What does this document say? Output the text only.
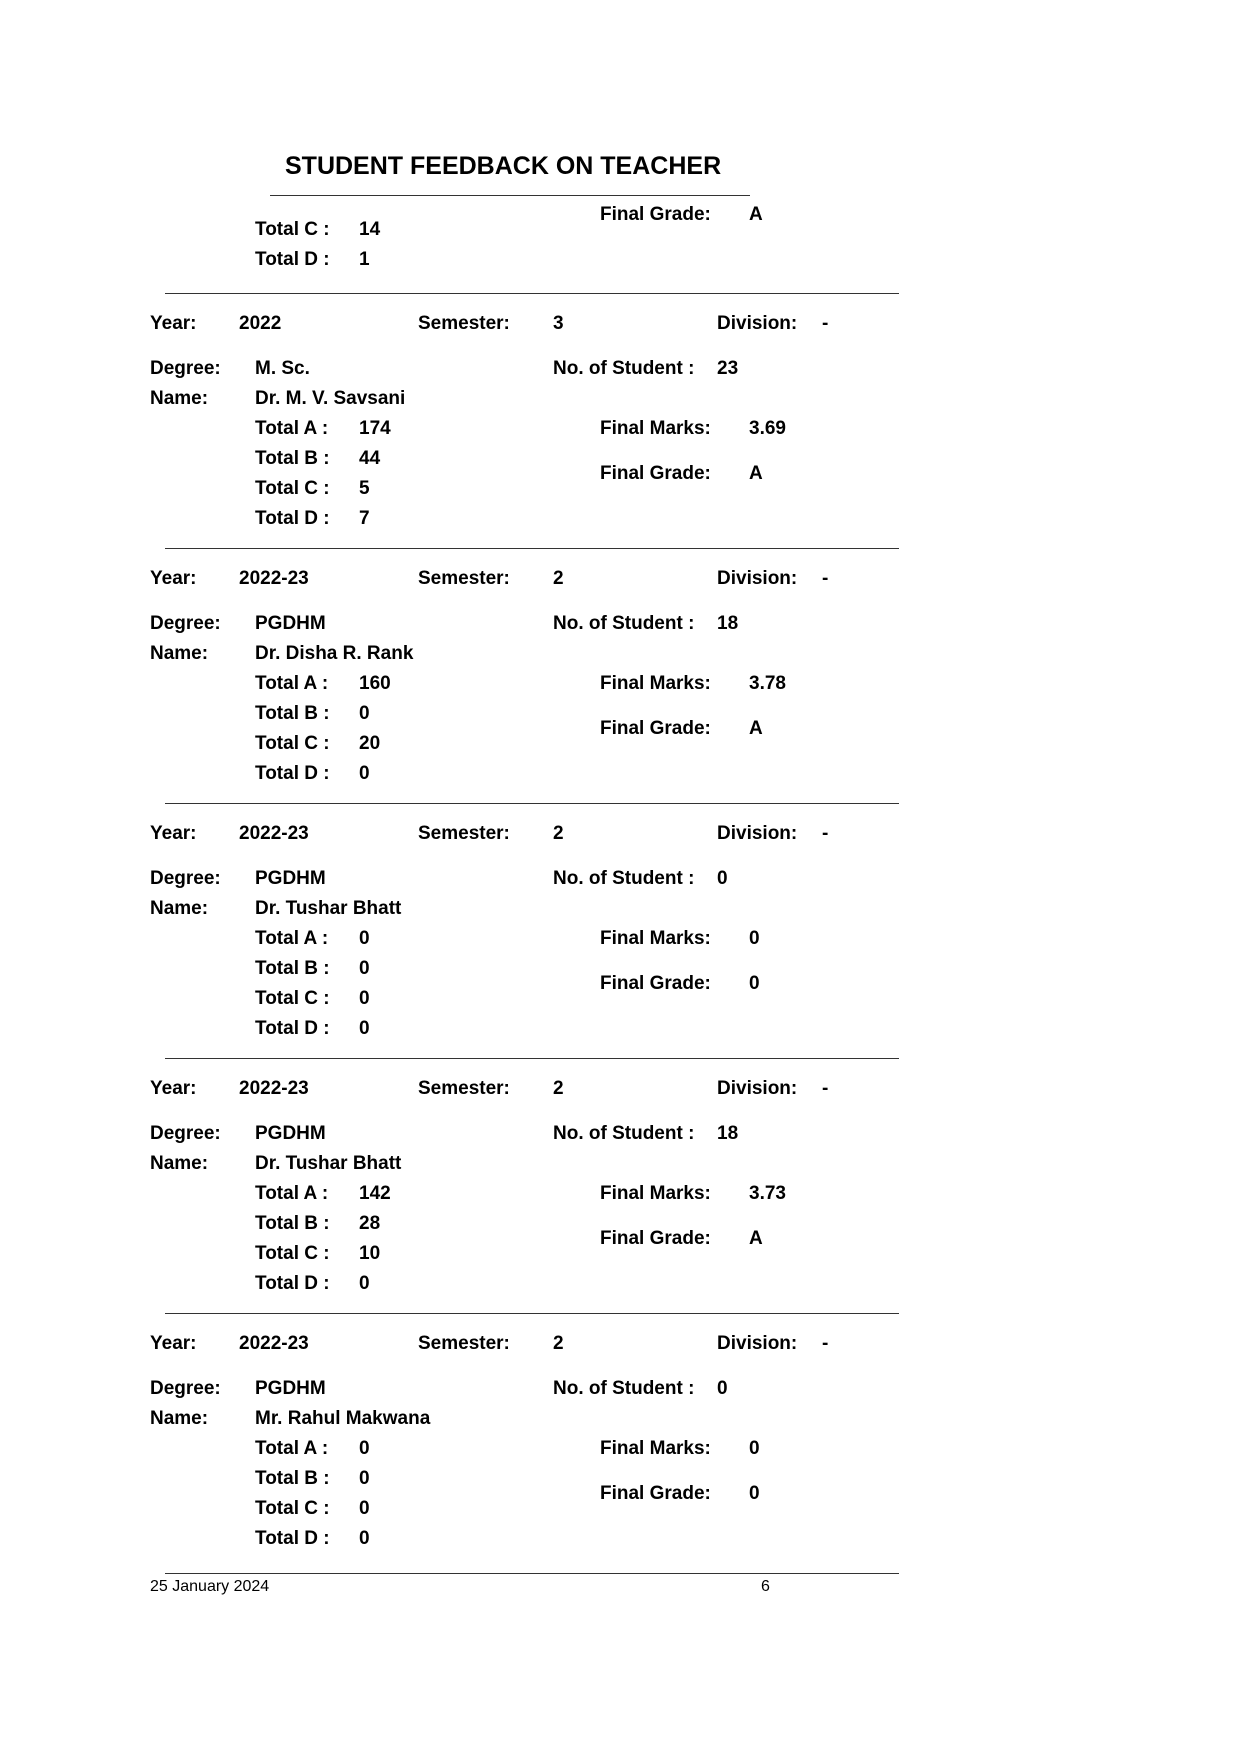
STUDENT FEEDBACK ON TEACHER
Final Grade: A
Total C : 14
Total D : 1
Year: 2022	Semester: 3	Division: -
Degree: M. Sc.	No. of Student : 23
Name: Dr. M. V. Savsani
Total A : 174	Final Marks: 3.69
Total B : 44
Final Grade: A
Total C : 5
Total D : 7
Year: 2022-23	Semester: 2	Division: -
Degree: PGDHM	No. of Student : 18
Name: Dr. Disha R. Rank
Total A : 160	Final Marks: 3.78
Total B : 0
Final Grade: A
Total C : 20
Total D : 0
Year: 2022-23	Semester: 2	Division: -
Degree: PGDHM	No. of Student : 0
Name: Dr. Tushar Bhatt
Total A : 0	Final Marks: 0
Total B : 0
Final Grade: 0
Total C : 0
Total D : 0
Year: 2022-23	Semester: 2	Division: -
Degree: PGDHM	No. of Student : 18
Name: Dr. Tushar Bhatt
Total A : 142	Final Marks: 3.73
Total B : 28
Final Grade: A
Total C : 10
Total D : 0
Year: 2022-23	Semester: 2	Division: -
Degree: PGDHM	No. of Student : 0
Name: Mr. Rahul Makwana
Total A : 0	Final Marks: 0
Total B : 0
Final Grade: 0
Total C : 0
Total D : 0
25 January 2024	6
